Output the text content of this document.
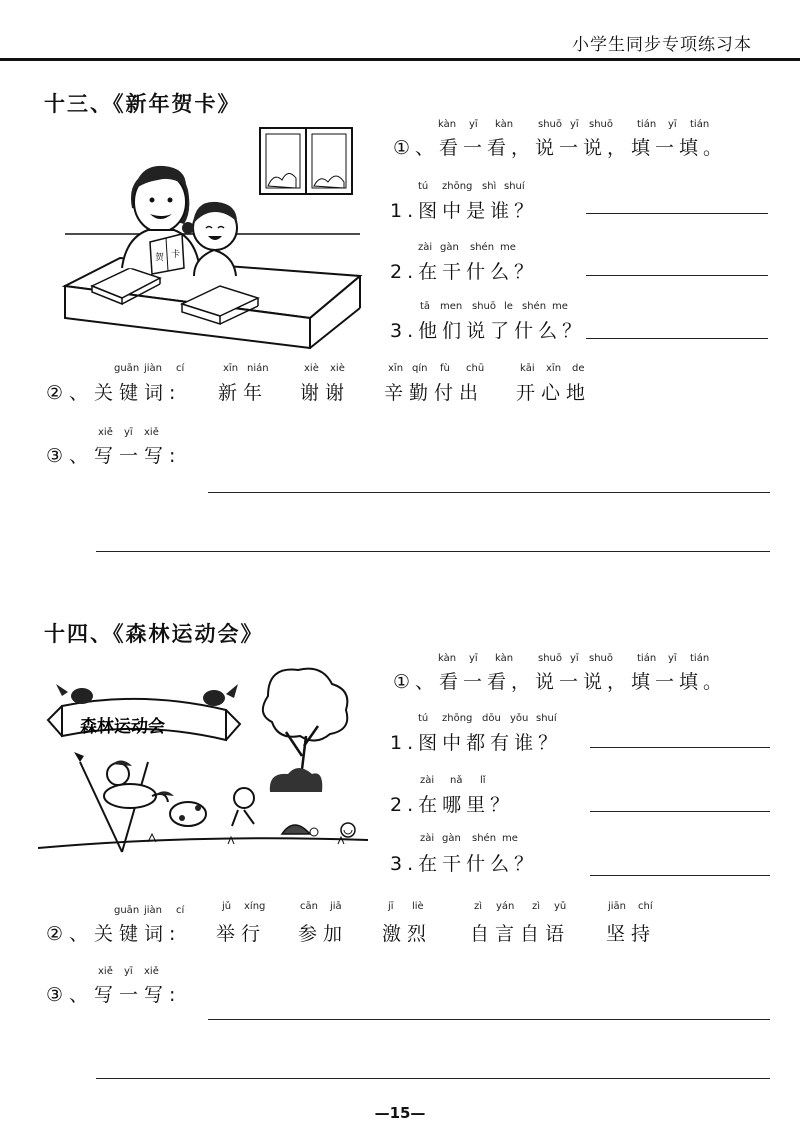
小学生同步专项练习本
十三、《新年贺卡》
贺 卡
kàn yī kàn shuō yī shuō tián yī tián
①、看一看，说一说，填一填。
tú zhōng shì shuí
1.图中是谁？
zài gàn shén me
2.在干什么？
tā men shuō le shén me
3.他们说了什么？
guān jiàn cí
②、关键词:
xīn nián
新年
xiè xiè
谢谢
xīn qín fù chū
辛勤付出
kāi xīn de
开心地
xiě yī xiě
③、写一写:
十四、《森林运动会》
森林运动会
kàn yī kàn shuō yī shuō tián yī tián
①、看一看，说一说，填一填。
tú zhōng dōu yǒu shuí
1.图中都有谁？
zài nǎ lǐ
2.在哪里？
zài gàn shén me
3.在干什么？
guān jiàn cí
②、关键词:
jǔ xíng
举行
cān jiā
参加
jī liè
激烈
zì yán zì yǔ
自言自语
jiān chí
坚持
xiě yī xiě
③、写一写:
—15—
